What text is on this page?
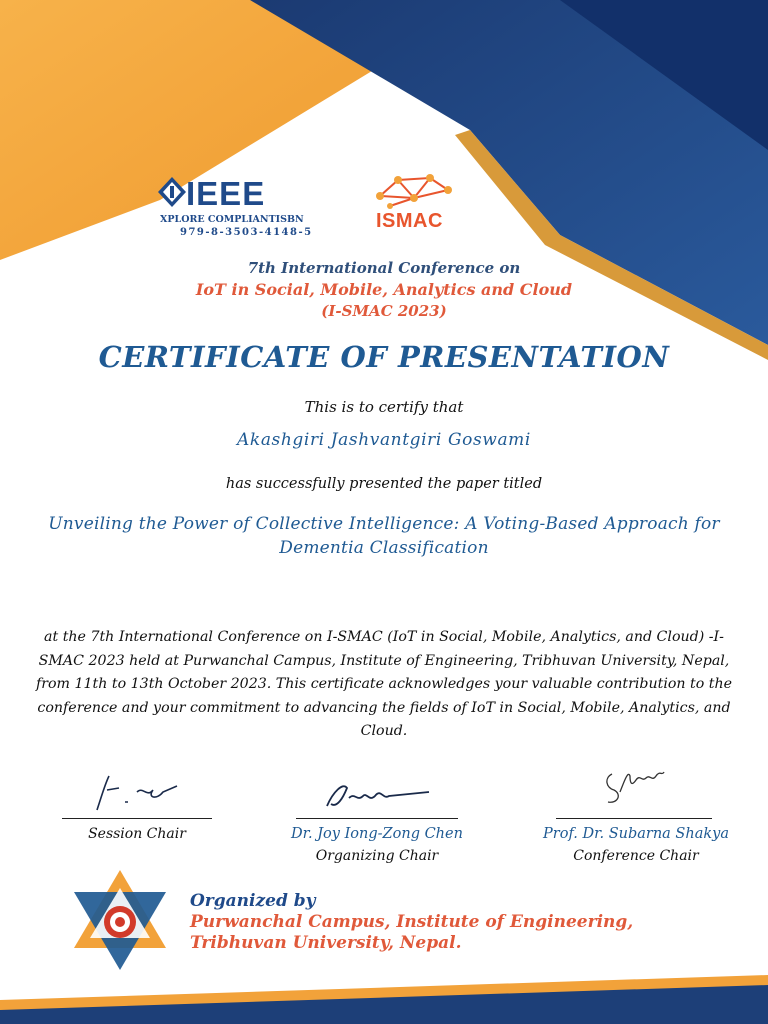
IEEE
XPLORE COMPLIANTISBN
979-8-3503-4148-5
ISMAC
7th International Conference on
IoT in Social, Mobile, Analytics and Cloud
(I-SMAC 2023)
CERTIFICATE OF PRESENTATION
This is to certify that
Akashgiri Jashvantgiri Goswami
has successfully presented the paper titled
Unveiling the Power of Collective Intelligence: A Voting-Based Approach for Dementia Classification
at the 7th International Conference on I-SMAC (IoT in Social, Mobile, Analytics, and Cloud) -I-SMAC 2023 held at Purwanchal Campus, Institute of Engineering, Tribhuvan University, Nepal, from 11th to 13th October 2023. This certificate acknowledges your valuable contribution to the conference and your commitment to advancing the fields of IoT in Social, Mobile, Analytics, and Cloud.
Session Chair	Dr. Joy Iong-Zong Chen
Organizing Chair
Prof. Dr. Subarna Shakya
Conference Chair
Organized by
Purwanchal Campus, Institute of Engineering,
Tribhuvan University, Nepal.
